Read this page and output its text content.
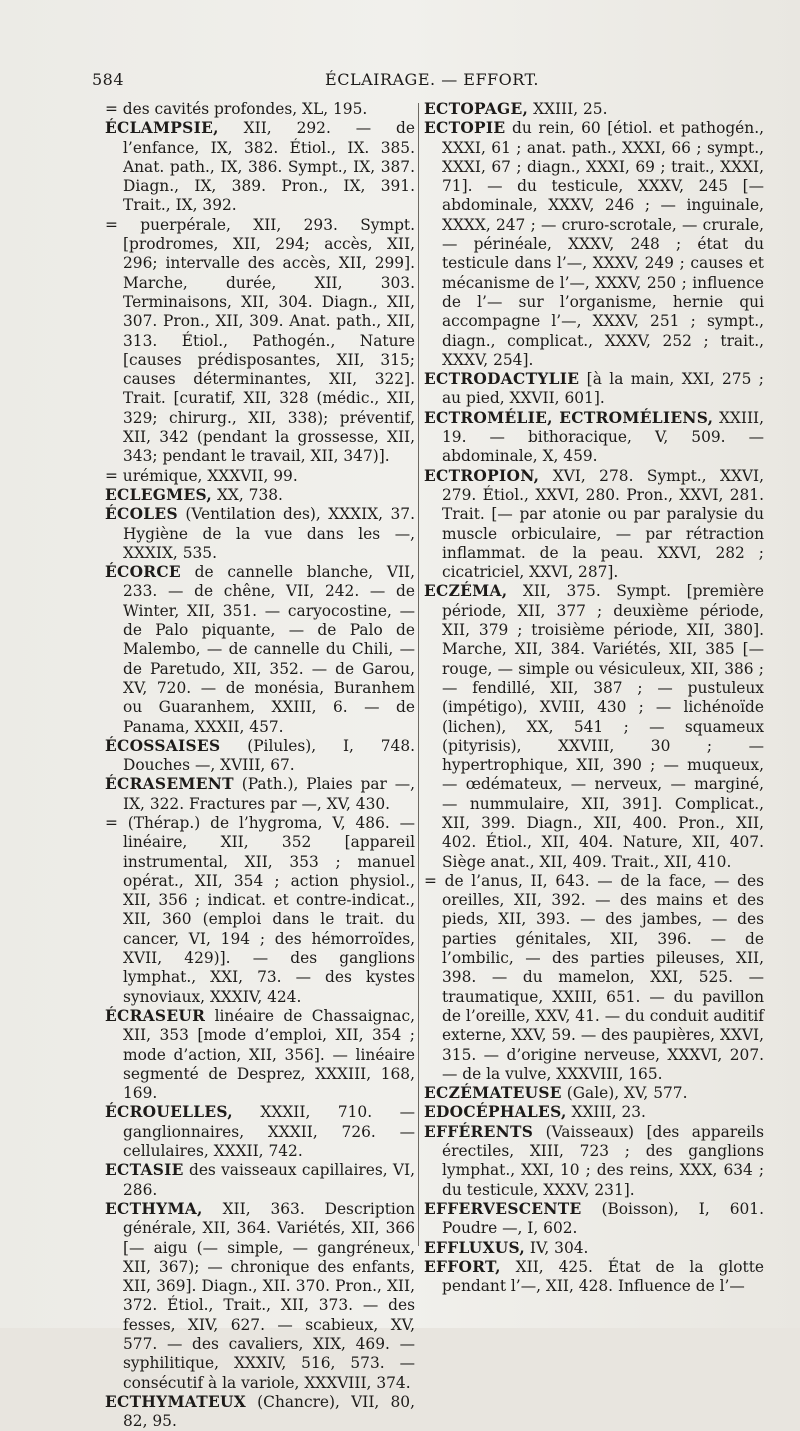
584	ÉCLAIRAGE. — EFFORT.

= des cavités profondes, XL, 195.

ÉCLAMPSIE, XII, 292. — de l’enfance, IX, 382. Étiol., IX. 385. Anat. path., IX, 386. Sympt., IX, 387. Diagn., IX, 389. Pron., IX, 391. Trait., IX, 392.

= puerpérale, XII, 293. Sympt. [prodromes, XII, 294; accès, XII, 296; intervalle des accès, XII, 299]. Marche, durée, XII, 303. Terminaisons, XII, 304. Diagn., XII, 307. Pron., XII, 309. Anat. path., XII, 313. Étiol., Pathogén., Nature [causes prédisposantes, XII, 315; causes déterminantes, XII, 322]. Trait. [curatif, XII, 328 (médic., XII, 329; chirurg., XII, 338); préventif, XII, 342 (pendant la grossesse, XII, 343; pendant le travail, XII, 347)].

= urémique, XXXVII, 99.

ECLEGMES, XX, 738.

ÉCOLES (Ventilation des), XXXIX, 37. Hygiène de la vue dans les —, XXXIX, 535.

ÉCORCE de cannelle blanche, VII, 233. — de chêne, VII, 242. — de Winter, XII, 351. — caryocostine, — de Palo piquante, — de Palo de Malembo, — de cannelle du Chili, — de Paretudo, XII, 352. — de Garou, XV, 720. — de monésia, Buranhem ou Guaranhem, XXIII, 6. — de Panama, XXXII, 457.

ÉCOSSAISES (Pilules), I, 748. Douches —, XVIII, 67.

ÉCRASEMENT (Path.), Plaies par —, IX, 322. Fractures par —, XV, 430.

= (Thérap.) de l’hygroma, V, 486. — linéaire, XII, 352 [appareil instrumental, XII, 353 ; manuel opérat., XII, 354 ; action physiol., XII, 356 ; indicat. et contre-indicat., XII, 360 (emploi dans le trait. du cancer, VI, 194 ; des hémorroïdes, XVII, 429)]. — des ganglions lymphat., XXI, 73. — des kystes synoviaux, XXXIV, 424.

ÉCRASEUR linéaire de Chassaignac, XII, 353 [mode d’emploi, XII, 354 ; mode d’action, XII, 356]. — linéaire segmenté de Desprez, XXXIII, 168, 169.

ÉCROUELLES, XXXII, 710. — ganglionnaires, XXXII, 726. — cellulaires, XXXII, 742.

ECTASIE des vaisseaux capillaires, VI, 286.

ECTHYMA, XII, 363. Description générale, XII, 364. Variétés, XII, 366 [— aigu (— simple, — gangréneux, XII, 367); — chronique des enfants, XII, 369]. Diagn., XII. 370. Pron., XII, 372. Étiol., Trait., XII, 373. — des fesses, XIV, 627. — scabieux, XV, 577. — des cavaliers, XIX, 469. — syphilitique, XXXIV, 516, 573. — consécutif à la variole, XXXVIII, 374.

ECTHYMATEUX (Chancre), VII, 80, 82, 95.

ECTOPAGE, XXIII, 25.

ECTOPIE du rein, 60 [étiol. et pathogén., XXXI, 61 ; anat. path., XXXI, 66 ; sympt., XXXI, 67 ; diagn., XXXI, 69 ; trait., XXXI, 71]. — du testicule, XXXV, 245 [— abdominale, XXXV, 246 ; — inguinale, XXXX, 247 ; — cruro-scrotale, — crurale, — périnéale, XXXV, 248 ; état du testicule dans l’—, XXXV, 249 ; causes et mécanisme de l’—, XXXV, 250 ; influence de l’— sur l’organisme, hernie qui accompagne l’—, XXXV, 251 ; sympt., diagn., complicat., XXXV, 252 ; trait., XXXV, 254].

ECTRODACTYLIE [à la main, XXI, 275 ; au pied, XXVII, 601].

ECTROMÉLIE, ECTROMÉLIENS, XXIII, 19. — bithoracique, V, 509. — abdominale, X, 459.

ECTROPION, XVI, 278. Sympt., XXVI, 279. Étiol., XXVI, 280. Pron., XXVI, 281. Trait. [— par atonie ou par paralysie du muscle orbiculaire, — par rétraction inflammat. de la peau. XXVI, 282 ; cicatriciel, XXVI, 287].

ECZÉMA, XII, 375. Sympt. [première période, XII, 377 ; deuxième période, XII, 379 ; troisième période, XII, 380]. Marche, XII, 384. Variétés, XII, 385 [— rouge, — simple ou vésiculeux, XII, 386 ; — fendillé, XII, 387 ; — pustuleux (impétigo), XVIII, 430 ; — lichénoïde (lichen), XX, 541 ; — squameux (pityrisis), XXVIII, 30 ; — hypertrophique, XII, 390 ; — muqueux, — œdémateux, — nerveux, — marginé, — nummulaire, XII, 391]. Complicat., XII, 399. Diagn., XII, 400. Pron., XII, 402. Étiol., XII, 404. Nature, XII, 407. Siège anat., XII, 409. Trait., XII, 410.

= de l’anus, II, 643. — de la face, — des oreilles, XII, 392. — des mains et des pieds, XII, 393. — des jambes, — des parties génitales, XII, 396. — de l’ombilic, — des parties pileuses, XII, 398. — du mamelon, XXI, 525. — traumatique, XXIII, 651. — du pavillon de l’oreille, XXV, 41. — du conduit auditif externe, XXV, 59. — des paupières, XXVI, 315. — d’origine nerveuse, XXXVI, 207. — de la vulve, XXXVIII, 165.

ECZÉMATEUSE (Gale), XV, 577.

EDOCÉPHALES, XXIII, 23.

EFFÉRENTS (Vaisseaux) [des appareils érectiles, XIII, 723 ; des ganglions lymphat., XXI, 10 ; des reins, XXX, 634 ; du testicule, XXXV, 231].

EFFERVESCENTE (Boisson), I, 601. Poudre —, I, 602.

EFFLUXUS, IV, 304.

EFFORT, XII, 425. État de la glotte pendant l’—, XII, 428. Influence de l’—
